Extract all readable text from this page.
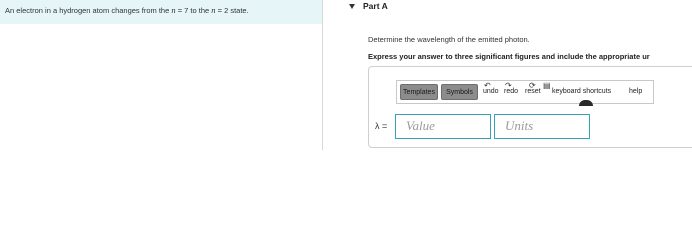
An electron in a hydrogen atom changes from the n = 7 to the n = 2 state.	Part A
Determine the wavelength of the emitted photon.
Express your answer to three significant figures and include the appropriate ur
Templates	Symbols
↶
undo
↷
redo
⟳
reset
▤
keyboard shortcuts	help
λ =	Value	Units
